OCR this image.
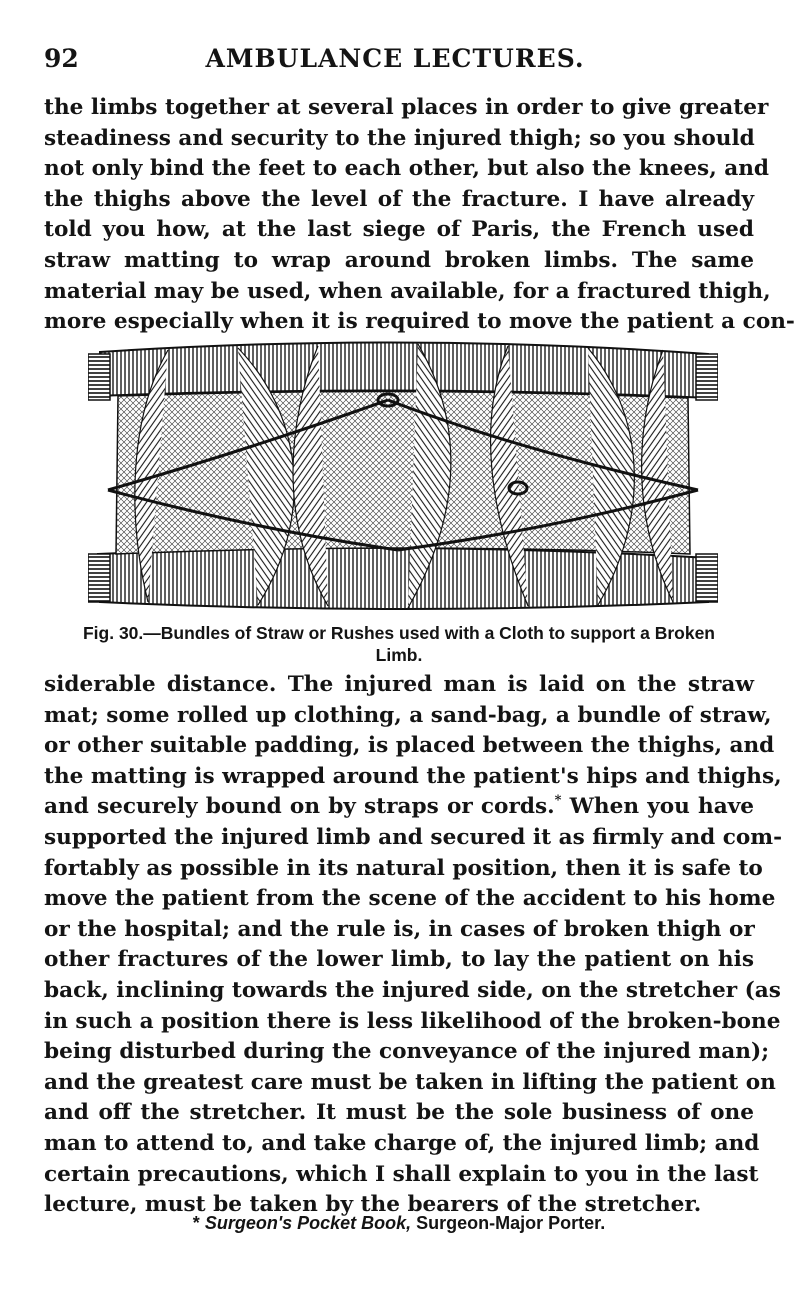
92	AMBULANCE LECTURES.
the limbs together at several places in order to give greater
steadiness and security to the injured thigh; so you should
not only bind the feet to each other, but also the knees, and
the thighs above the level of the fracture. I have already
told you how, at the last siege of Paris, the French used
straw matting to wrap around broken limbs. The same
material may be used, when available, for a fractured thigh,
more especially when it is required to move the patient a con-
Fig. 30.—Bundles of Straw or Rushes used with a Cloth to support a Broken
Limb.
siderable distance. The injured man is laid on the straw
mat; some rolled up clothing, a sand-bag, a bundle of straw,
or other suitable padding, is placed between the thighs, and
the matting is wrapped around the patient's hips and thighs,
and securely bound on by straps or cords.* When you have
supported the injured limb and secured it as firmly and com-
fortably as possible in its natural position, then it is safe to
move the patient from the scene of the accident to his home
or the hospital; and the rule is, in cases of broken thigh or
other fractures of the lower limb, to lay the patient on his
back, inclining towards the injured side, on the stretcher (as
in such a position there is less likelihood of the broken-bone
being disturbed during the conveyance of the injured man);
and the greatest care must be taken in lifting the patient on
and off the stretcher. It must be the sole business of one
man to attend to, and take charge of, the injured limb; and
certain precautions, which I shall explain to you in the last
lecture, must be taken by the bearers of the stretcher.
* Surgeon's Pocket Book, Surgeon-Major Porter.
